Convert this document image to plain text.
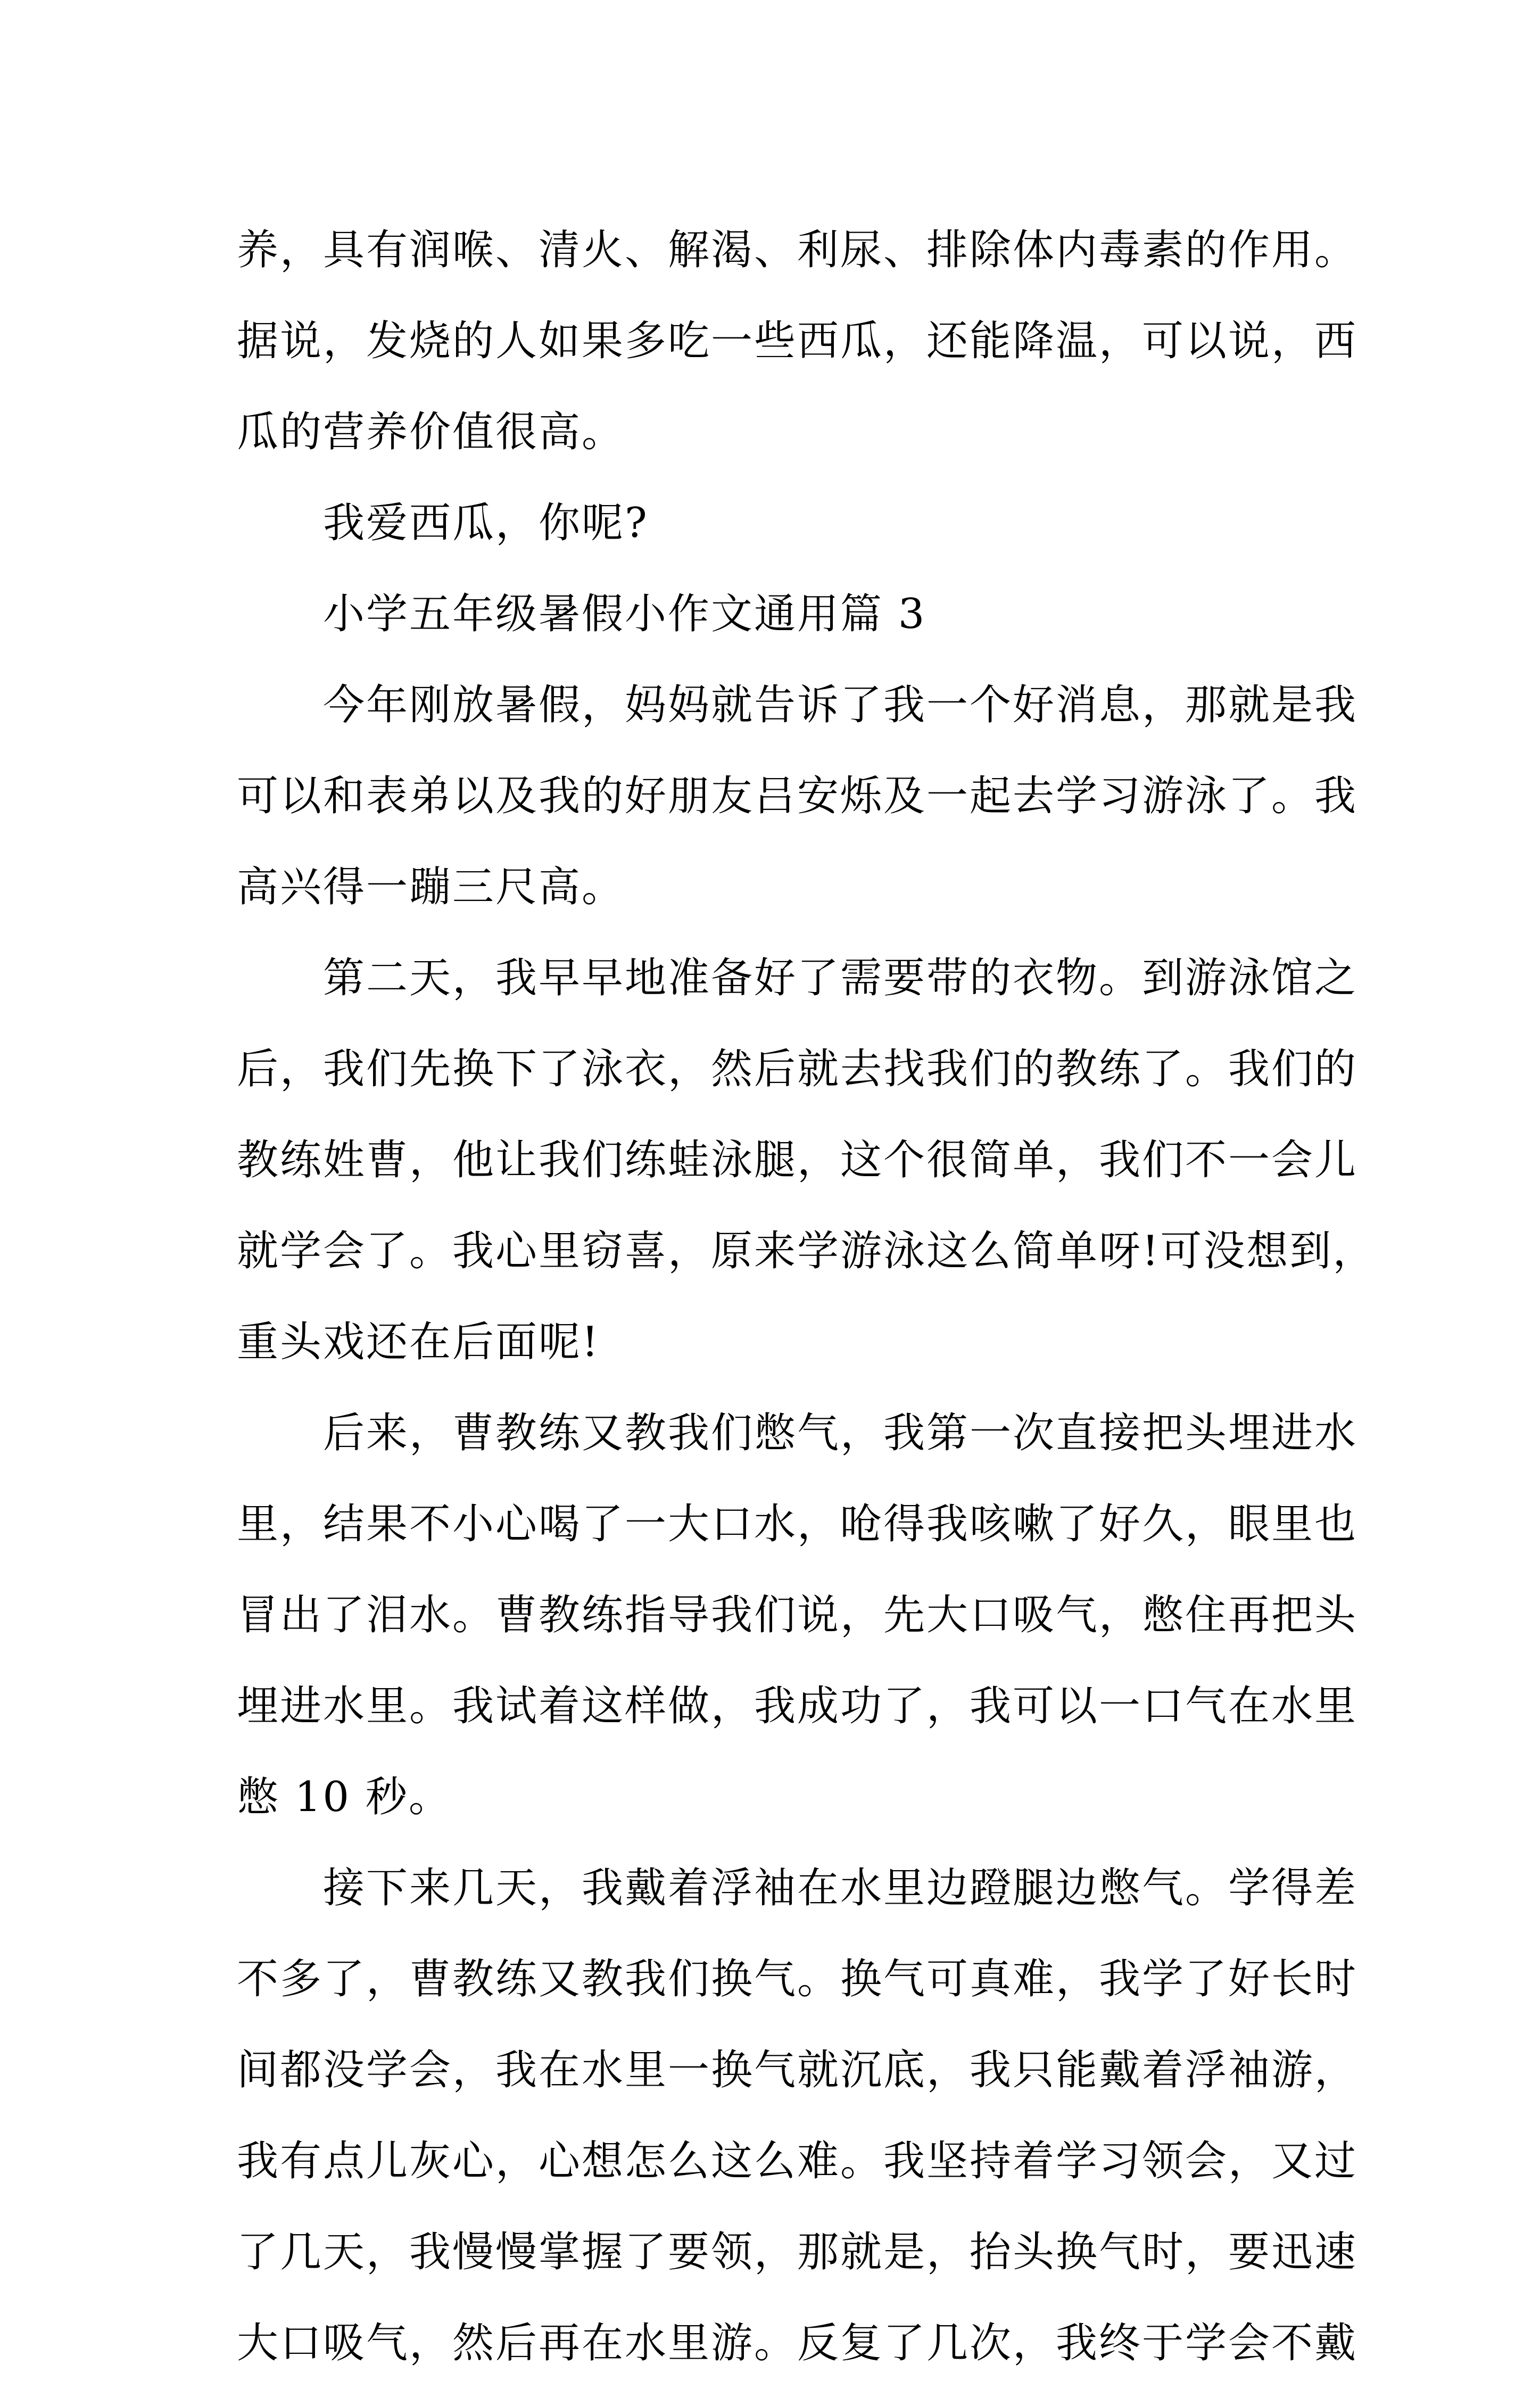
养，具有润喉、清火、解渴、利尿、排除体内毒素的作用。
据说，发烧的人如果多吃一些西瓜，还能降温，可以说，西
瓜的营养价值很高。
　　我爱西瓜，你呢?
　　小学五年级暑假小作文通用篇 3
　　今年刚放暑假，妈妈就告诉了我一个好消息，那就是我
可以和表弟以及我的好朋友吕安烁及一起去学习游泳了。我
高兴得一蹦三尺高。
　　第二天，我早早地准备好了需要带的衣物。到游泳馆之
后，我们先换下了泳衣，然后就去找我们的教练了。我们的
教练姓曹，他让我们练蛙泳腿，这个很简单，我们不一会儿
就学会了。我心里窃喜，原来学游泳这么简单呀!可没想到，
重头戏还在后面呢!
　　后来，曹教练又教我们憋气，我第一次直接把头埋进水
里，结果不小心喝了一大口水，呛得我咳嗽了好久，眼里也
冒出了泪水。曹教练指导我们说，先大口吸气，憋住再把头
埋进水里。我试着这样做，我成功了，我可以一口气在水里
憋 10 秒。
　　接下来几天，我戴着浮袖在水里边蹬腿边憋气。学得差
不多了，曹教练又教我们换气。换气可真难，我学了好长时
间都没学会，我在水里一换气就沉底，我只能戴着浮袖游，
我有点儿灰心，心想怎么这么难。我坚持着学习领会，又过
了几天，我慢慢掌握了要领，那就是，抬头换气时，要迅速
大口吸气，然后再在水里游。反复了几次，我终于学会不戴
